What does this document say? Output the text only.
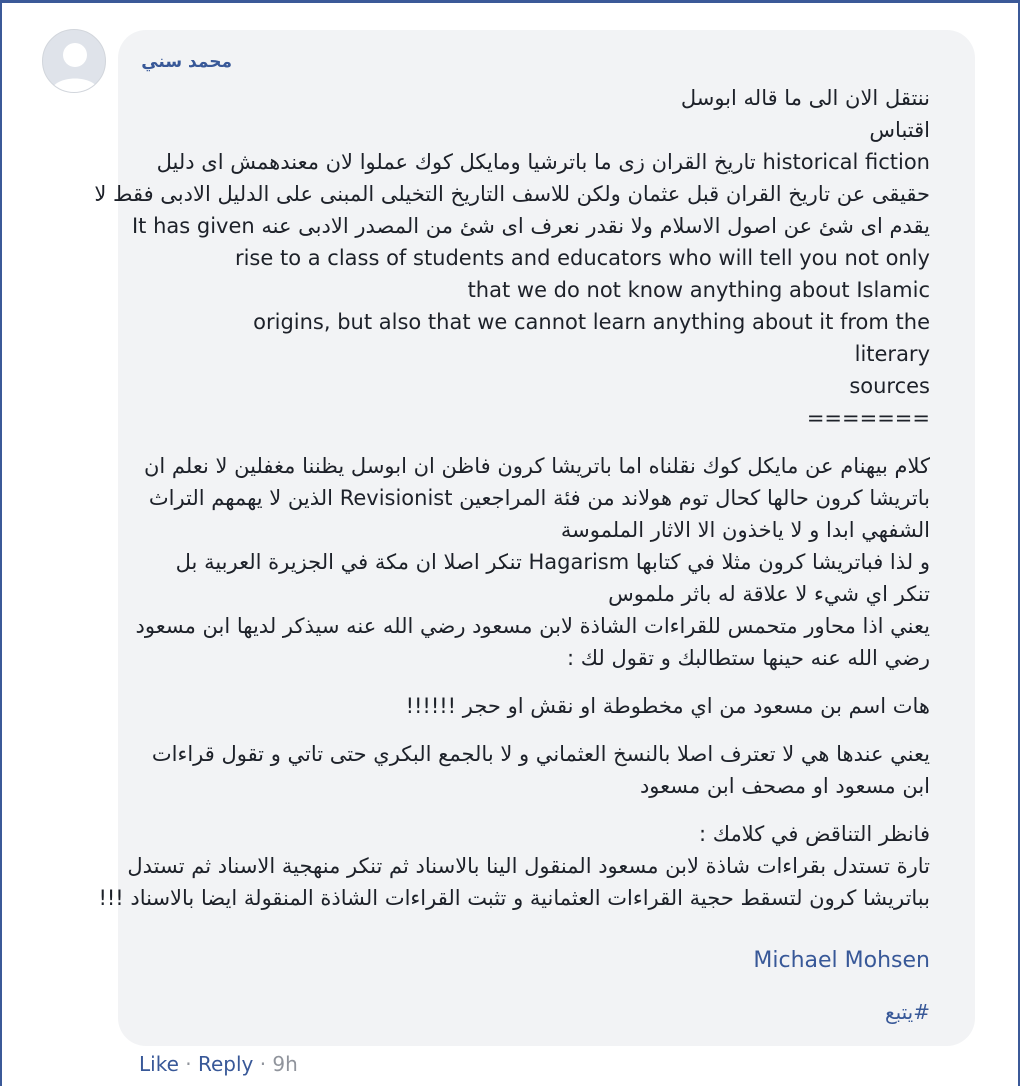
محمد سني
ننتقل الان الى ما قاله ابوسل
اقتباس
historical fiction تاريخ القران زى ما باترشيا ومايكل كوك عملوا لان معندهمش اى دليل
حقيقى عن تاريخ القران قبل عثمان ولكن للاسف التاريخ التخيلى المبنى على الدليل الادبى فقط لا
يقدم اى شئ عن اصول الاسلام ولا نقدر نعرف اى شئ من المصدر الادبى عنه It has given
rise to a class of students and educators who will tell you not only
that we do not know anything about Islamic
origins, but also that we cannot learn anything about it from the
literary
sources
=======
كلام بيهنام عن مايكل كوك نقلناه اما باتريشا كرون فاظن ان ابوسل يظننا مغفلين لا نعلم ان
باتريشا كرون حالها كحال توم هولاند من فئة المراجعين Revisionist الذين لا يهمهم التراث
الشفهي ابدا و لا ياخذون الا الاثار الملموسة
و لذا فباتريشا كرون مثلا في كتابها Hagarism تنكر اصلا ان مكة في الجزيرة العربية بل
تنكر اي شيء لا علاقة له باثر ملموس
يعني اذا محاور متحمس للقراءات الشاذة لابن مسعود رضي الله عنه سيذكر لديها ابن مسعود
رضي الله عنه حينها ستطالبك و تقول لك :
هات اسم بن مسعود من اي مخطوطة او نقش او حجر !!!!!!
يعني عندها هي لا تعترف اصلا بالنسخ العثماني و لا بالجمع البكري حتى تاتي و تقول قراءات
ابن مسعود او مصحف ابن مسعود
فانظر التناقض في كلامك :
تارة تستدل بقراءات شاذة لابن مسعود المنقول الينا بالاسناد ثم تنكر منهجية الاسناد ثم تستدل
بباتريشا كرون لتسقط حجية القراءات العثمانية و تثبت القراءات الشاذة المنقولة ايضا بالاسناد !!!
Michael Mohsen
#يتبع
Like · Reply · 9h
